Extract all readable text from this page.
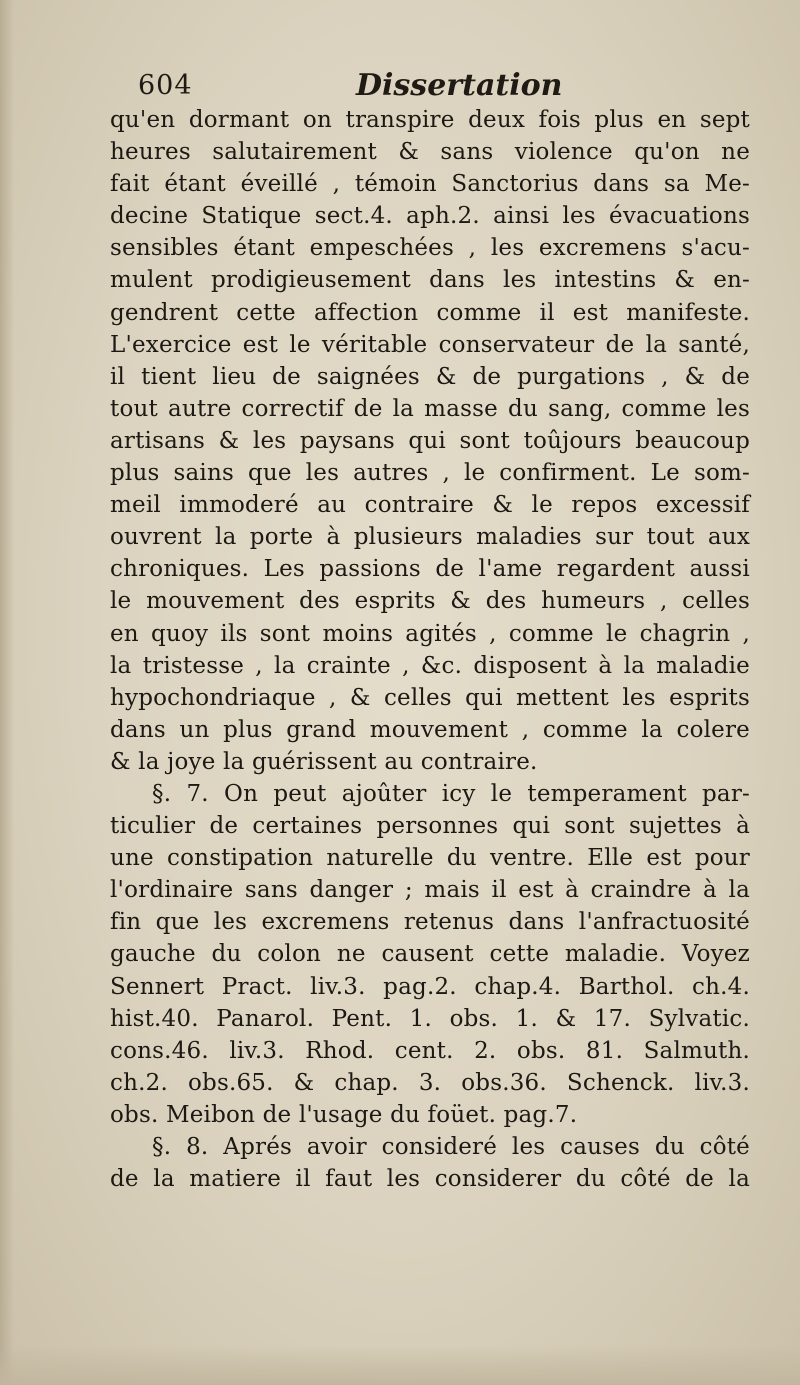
604	Dissertation
qu'en dormant on transpire deux fois plus en sept
heures salutairement & sans violence qu'on ne
fait étant éveillé , témoin Sanctorius dans sa Me-
decine Statique sect.4. aph.2. ainsi les évacuations
sensibles étant empeschées , les excremens s'acu-
mulent prodigieusement dans les intestins & en-
gendrent cette affection comme il est manifeste.
L'exercice est le véritable conservateur de la santé,
il tient lieu de saignées & de purgations , & de
tout autre correctif de la masse du sang, comme les
artisans & les paysans qui sont toûjours beaucoup
plus sains que les autres , le confirment. Le som-
meil immoderé au contraire & le repos excessif
ouvrent la porte à plusieurs maladies sur tout aux
chroniques. Les passions de l'ame regardent aussi
le mouvement des esprits & des humeurs , celles
en quoy ils sont moins agités , comme le chagrin ,
la tristesse , la crainte , &c. disposent à la maladie
hypochondriaque , & celles qui mettent les esprits
dans un plus grand mouvement , comme la colere
& la joye la guérissent au contraire.
§. 7. On peut ajoûter icy le temperament par-
ticulier de certaines personnes qui sont sujettes à
une constipation naturelle du ventre. Elle est pour
l'ordinaire sans danger ; mais il est à craindre à la
fin que les excremens retenus dans l'anfractuosité
gauche du colon ne causent cette maladie. Voyez
Sennert Pract. liv.3. pag.2. chap.4. Barthol. ch.4.
hist.40. Panarol. Pent. 1. obs. 1. & 17. Sylvatic.
cons.46. liv.3. Rhod. cent. 2. obs. 81. Salmuth.
ch.2. obs.65. & chap. 3. obs.36. Schenck. liv.3.
obs. Meibon de l'usage du foüet. pag.7.
§. 8. Aprés avoir consideré les causes du côté
de la matiere il faut les considerer du côté de la
